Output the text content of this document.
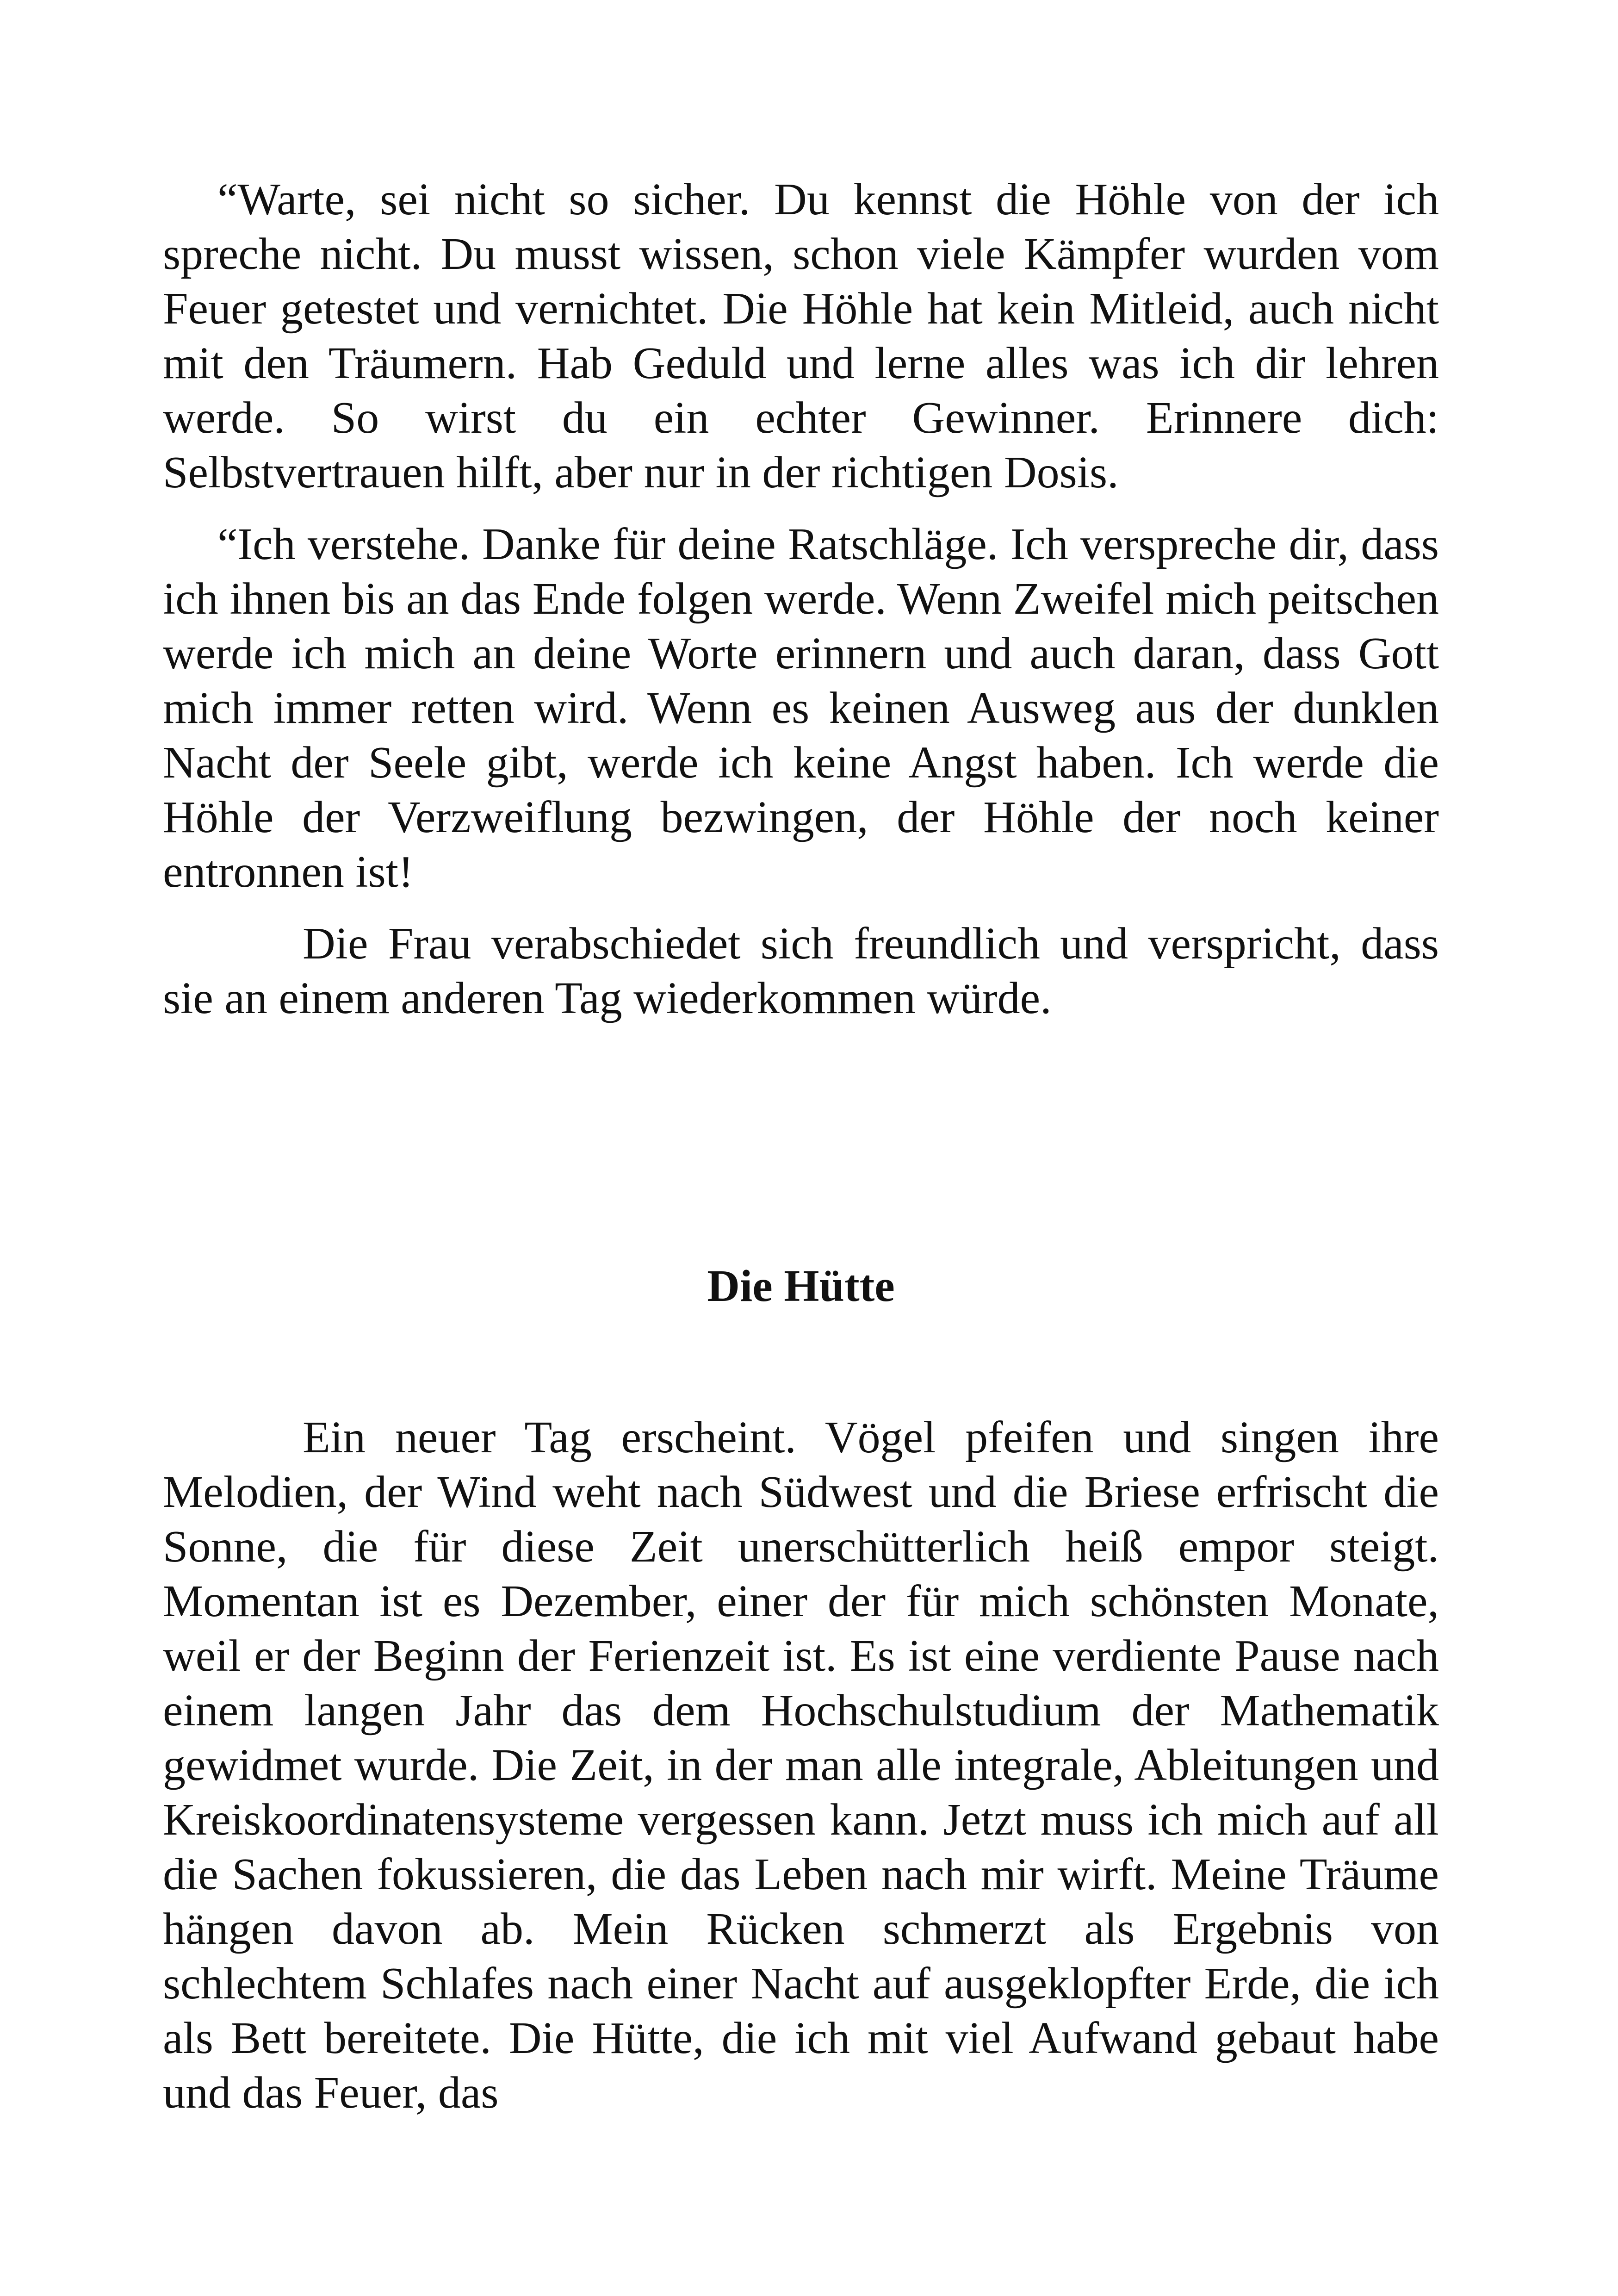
“Warte, sei nicht so sicher. Du kennst die Höhle von der ich spreche nicht. Du musst wissen, schon viele Kämpfer wurden vom Feuer getestet und vernichtet. Die Höhle hat kein Mitleid, auch nicht mit den Träumern. Hab Geduld und lerne alles was ich dir lehren werde. So wirst du ein echter Gewinner. Erinnere dich: Selbstvertrauen hilft, aber nur in der richtigen Dosis.

“Ich verstehe. Danke für deine Ratschläge. Ich verspreche dir, dass ich ihnen bis an das Ende folgen werde. Wenn Zweifel mich peitschen werde ich mich an deine Worte erinnern und auch daran, dass Gott mich immer retten wird. Wenn es keinen Ausweg aus der dunklen Nacht der Seele gibt, werde ich keine Angst haben. Ich werde die Höhle der Verzweiflung bezwingen, der Höhle der noch keiner entronnen ist!

Die Frau verabschiedet sich freundlich und verspricht, dass sie an einem anderen Tag wiederkommen würde.

Die Hütte

Ein neuer Tag erscheint. Vögel pfeifen und singen ihre Melodien, der Wind weht nach Südwest und die Briese erfrischt die Sonne, die für diese Zeit unerschütterlich heiß empor steigt. Momentan ist es Dezember, einer der für mich schönsten Monate, weil er der Beginn der Ferienzeit ist. Es ist eine verdiente Pause nach einem langen Jahr das dem Hochschulstudium der Mathematik gewidmet wurde. Die Zeit, in der man alle integrale, Ableitungen und Kreiskoordinatensysteme vergessen kann. Jetzt muss ich mich auf all die Sachen fokussieren, die das Leben nach mir wirft. Meine Träume hängen davon ab. Mein Rücken schmerzt als Ergebnis von schlechtem Schlafes nach einer Nacht auf ausgeklopfter Erde, die ich als Bett bereitete. Die Hütte, die ich mit viel Aufwand gebaut habe und das Feuer, das
